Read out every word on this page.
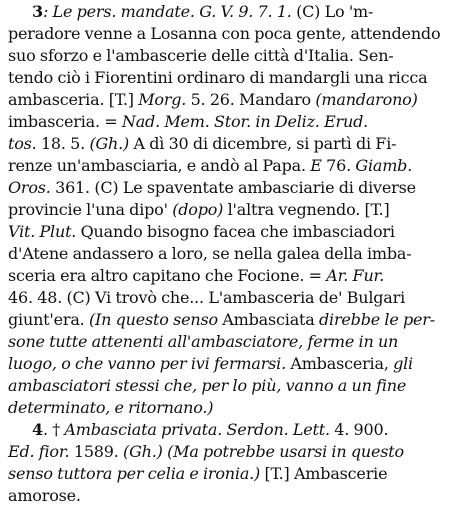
3: Le pers. mandate. G. V. 9. 7. 1. (C) Lo 'm-
peradore venne a Losanna con poca gente, attendendo
suo sforzo e l'ambascerie delle città d'Italia. Sen-
tendo ciò i Fiorentini ordinaro di mandargli una ricca
ambasceria. [T.] Morg. 5. 26. Mandaro (mandarono)
imbasceria. = Nad. Mem. Stor. in Deliz. Erud.
tos. 18. 5. (Gh.) A dì 30 di dicembre, si partì di Fi-
renze un'ambasciaria, e andò al Papa. E 76. Giamb.
Oros. 361. (C) Le spaventate ambasciarie di diverse
provincie l'una dipo' (dopo) l'altra vegnendo. [T.]
Vit. Plut. Quando bisogno facea che imbasciadori
d'Atene andassero a loro, se nella galea della imba-
sceria era altro capitano che Focione. = Ar. Fur.
46. 48. (C) Vi trovò che... L'ambasceria de' Bulgari
giunt'era. (In questo senso Ambasciata direbbe le per-
sone tutte attenenti all'ambasciatore, ferme in un
luogo, o che vanno per ivi fermarsi. Ambasceria, gli
ambasciatori stessi che, per lo più, vanno a un fine
determinato, e ritornano.)
4. † Ambasciata privata. Serdon. Lett. 4. 900.
Ed. fior. 1589. (Gh.) (Ma potrebbe usarsi in questo
senso tuttora per celia e ironia.) [T.] Ambascerie
amorose.
